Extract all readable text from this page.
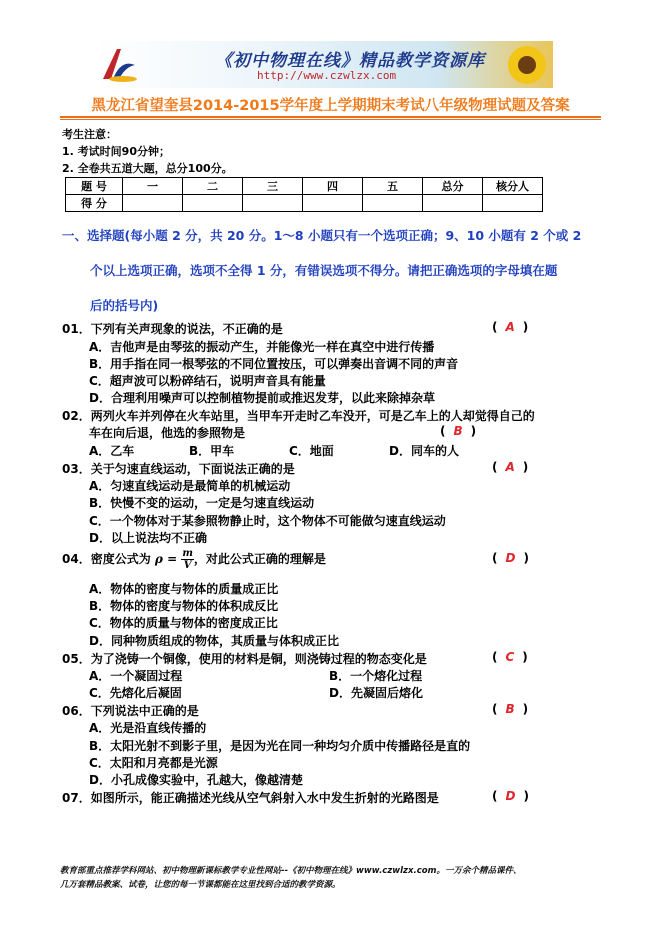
《初中物理在线》精品教学资源库
http://www.czwlzx.com
黑龙江省望奎县2014-2015学年度上学期期末考试八年级物理试题及答案
考生注意：
1. 考试时间90分钟；
2. 全卷共五道大题，总分100分。
题 号	一	二	三	四	五	总分	核分人
得 分							
一、选择题(每小题 2 分，共 20 分。1～8 小题只有一个选项正确；9、10 小题有 2 个或 2
个以上选项正确，选项不全得 1 分，有错误选项不得分。请把正确选项的字母填在题
后的括号内)
01．下列有关声现象的说法，不正确的是	( A )
A．吉他声是由琴弦的振动产生，并能像光一样在真空中进行传播
B．用手指在同一根琴弦的不同位置按压，可以弹奏出音调不同的声音
C．超声波可以粉碎结石，说明声音具有能量
D．合理利用噪声可以控制植物提前或推迟发芽，以此来除掉杂草
02．两列火车并列停在火车站里，当甲车开走时乙车没开，可是乙车上的人却觉得自己的
车在向后退，他选的参照物是	( B )
A．乙车	B．甲车	C．地面	D．同车的人
03．关于匀速直线运动，下面说法正确的是	( A )
A．匀速直线运动是最简单的机械运动
B．快慢不变的运动，一定是匀速直线运动
C．一个物体对于某参照物静止时，这个物体不可能做匀速直线运动
D．以上说法均不正确
04．密度公式为 $\rho = \frac{m}{V}$ ，对此公式正确的理解是	( D )
A．物体的密度与物体的质量成正比
B．物体的密度与物体的体积成反比
C．物体的质量与物体的密度成正比
D．同种物质组成的物体，其质量与体积成正比
05．为了浇铸一个铜像，使用的材料是铜，则浇铸过程的物态变化是	( C )
A．一个凝固过程	B．一个熔化过程
C．先熔化后凝固	D．先凝固后熔化
06．下列说法中正确的是	( B )
A．光是沿直线传播的
B．太阳光射不到影子里，是因为光在同一种均匀介质中传播路径是直的
C．太阳和月亮都是光源
D．小孔成像实验中，孔越大，像越清楚
07．如图所示，能正确描述光线从空气斜射入水中发生折射的光路图是	( D )
教育部重点推荐学科网站、初中物理新课标教学专业性网站--《初中物理在线》www.czwlzx.com。一万余个精品课件、
几万套精品教案、试卷，让您的每一节课都能在这里找到合适的教学资源。
